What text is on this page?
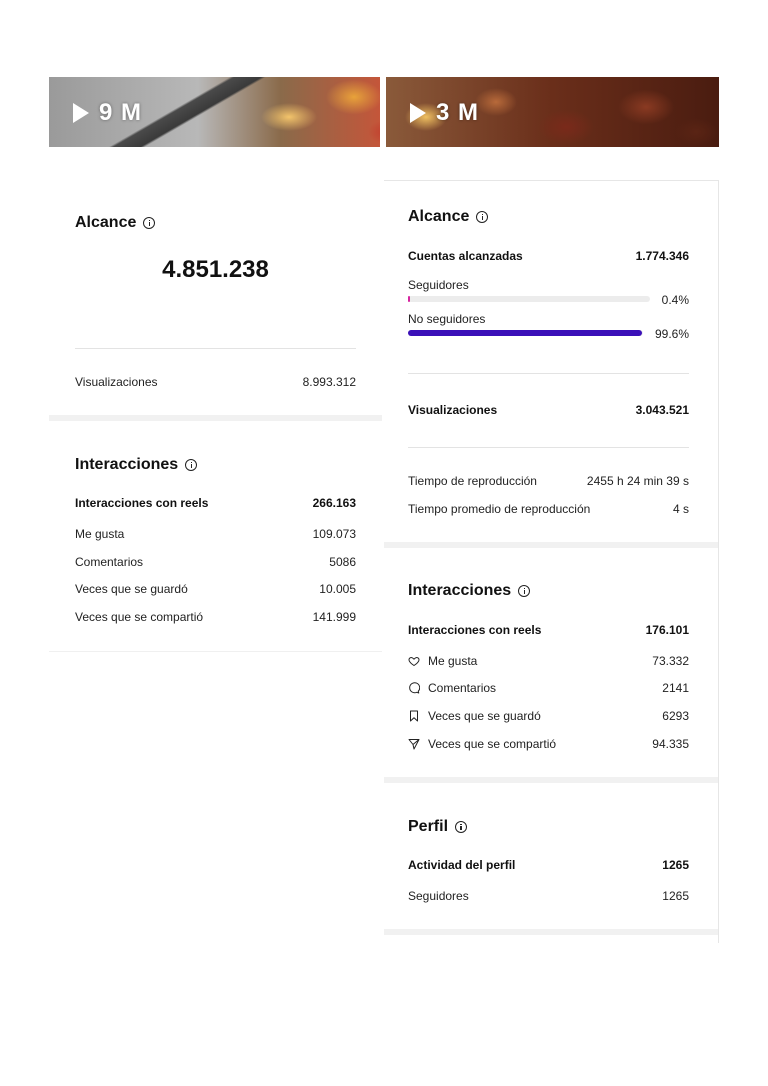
9 M	3 M
Alcance
4.851.238
Visualizaciones	8.993.312
Interacciones
Interacciones con reels	266.163
Me gusta	109.073
Comentarios	5086
Veces que se guardó	10.005
Veces que se compartió	141.999
Alcance
Cuentas alcanzadas	1.774.346
Seguidores
0.4%
No seguidores
99.6%
Visualizaciones	3.043.521
Tiempo de reproducción	2455 h 24 min 39 s
Tiempo promedio de reproducción	4 s
Interacciones
Interacciones con reels	176.101
Me gusta	73.332
Comentarios	2141
Veces que se guardó	6293
Veces que se compartió	94.335
Perfil
Actividad del perfil	1265
Seguidores	1265
